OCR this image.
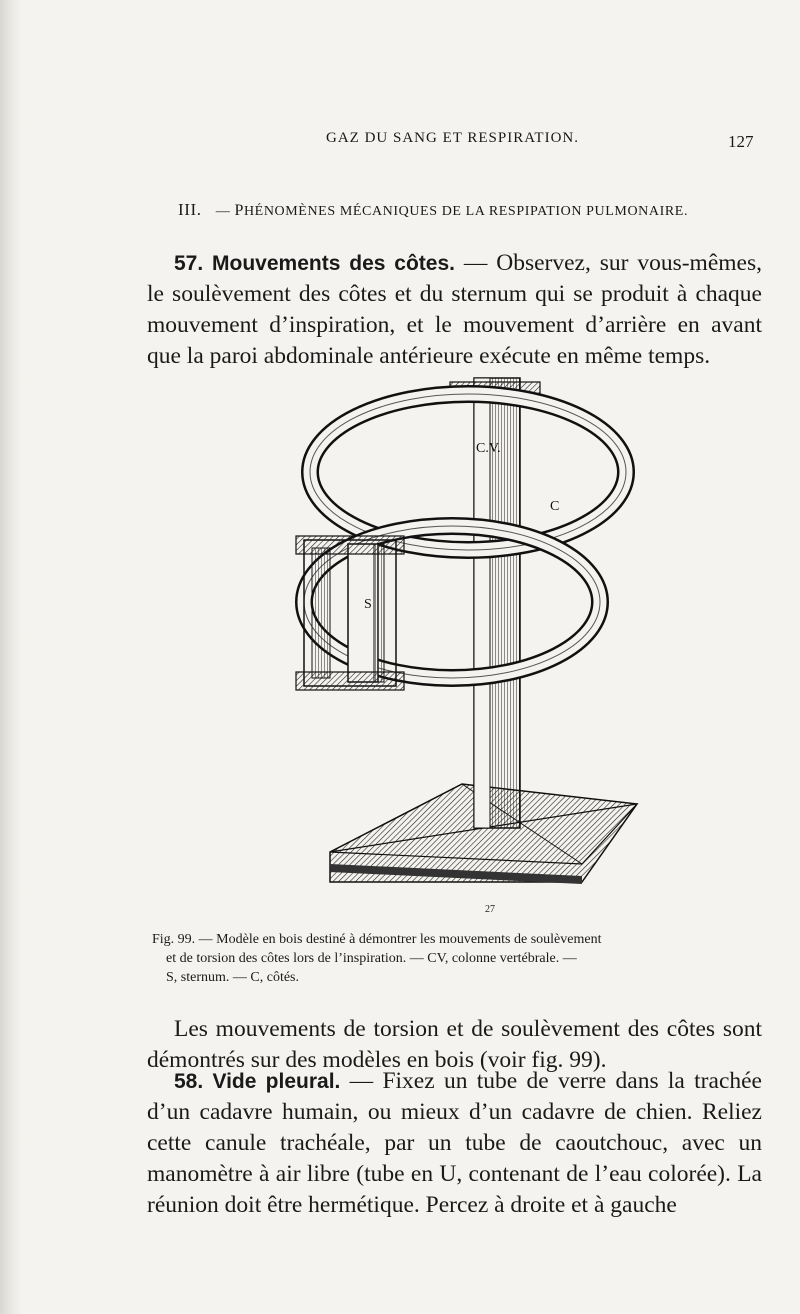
GAZ DU SANG ET RESPIRATION.	127
III. — PHÉNOMÈNES MÉCANIQUES DE LA RESPIPATION PULMONAIRE.
57. Mouvements des côtes. — Observez, sur vous-mêmes, le soulèvement des côtes et du sternum qui se produit à chaque mouvement d’inspiration, et le mouvement d’arrière en avant que la paroi abdominale antérieure exécute en même temps.
C.V.
C
S
27
Fig. 99. — Modèle en bois destiné à démontrer les mouvements de soulèvement
et de torsion des côtes lors de l’inspiration. — CV, colonne vertébrale. —
S, sternum. — C, côtés.
Les mouvements de torsion et de soulèvement des côtes sont démontrés sur des modèles en bois (voir fig. 99).
58. Vide pleural. — Fixez un tube de verre dans la trachée d’un cadavre humain, ou mieux d’un cadavre de chien. Reliez cette canule trachéale, par un tube de caoutchouc, avec un manomètre à air libre (tube en U, contenant de l’eau colorée). La réunion doit être hermétique. Percez à droite et à gauche
